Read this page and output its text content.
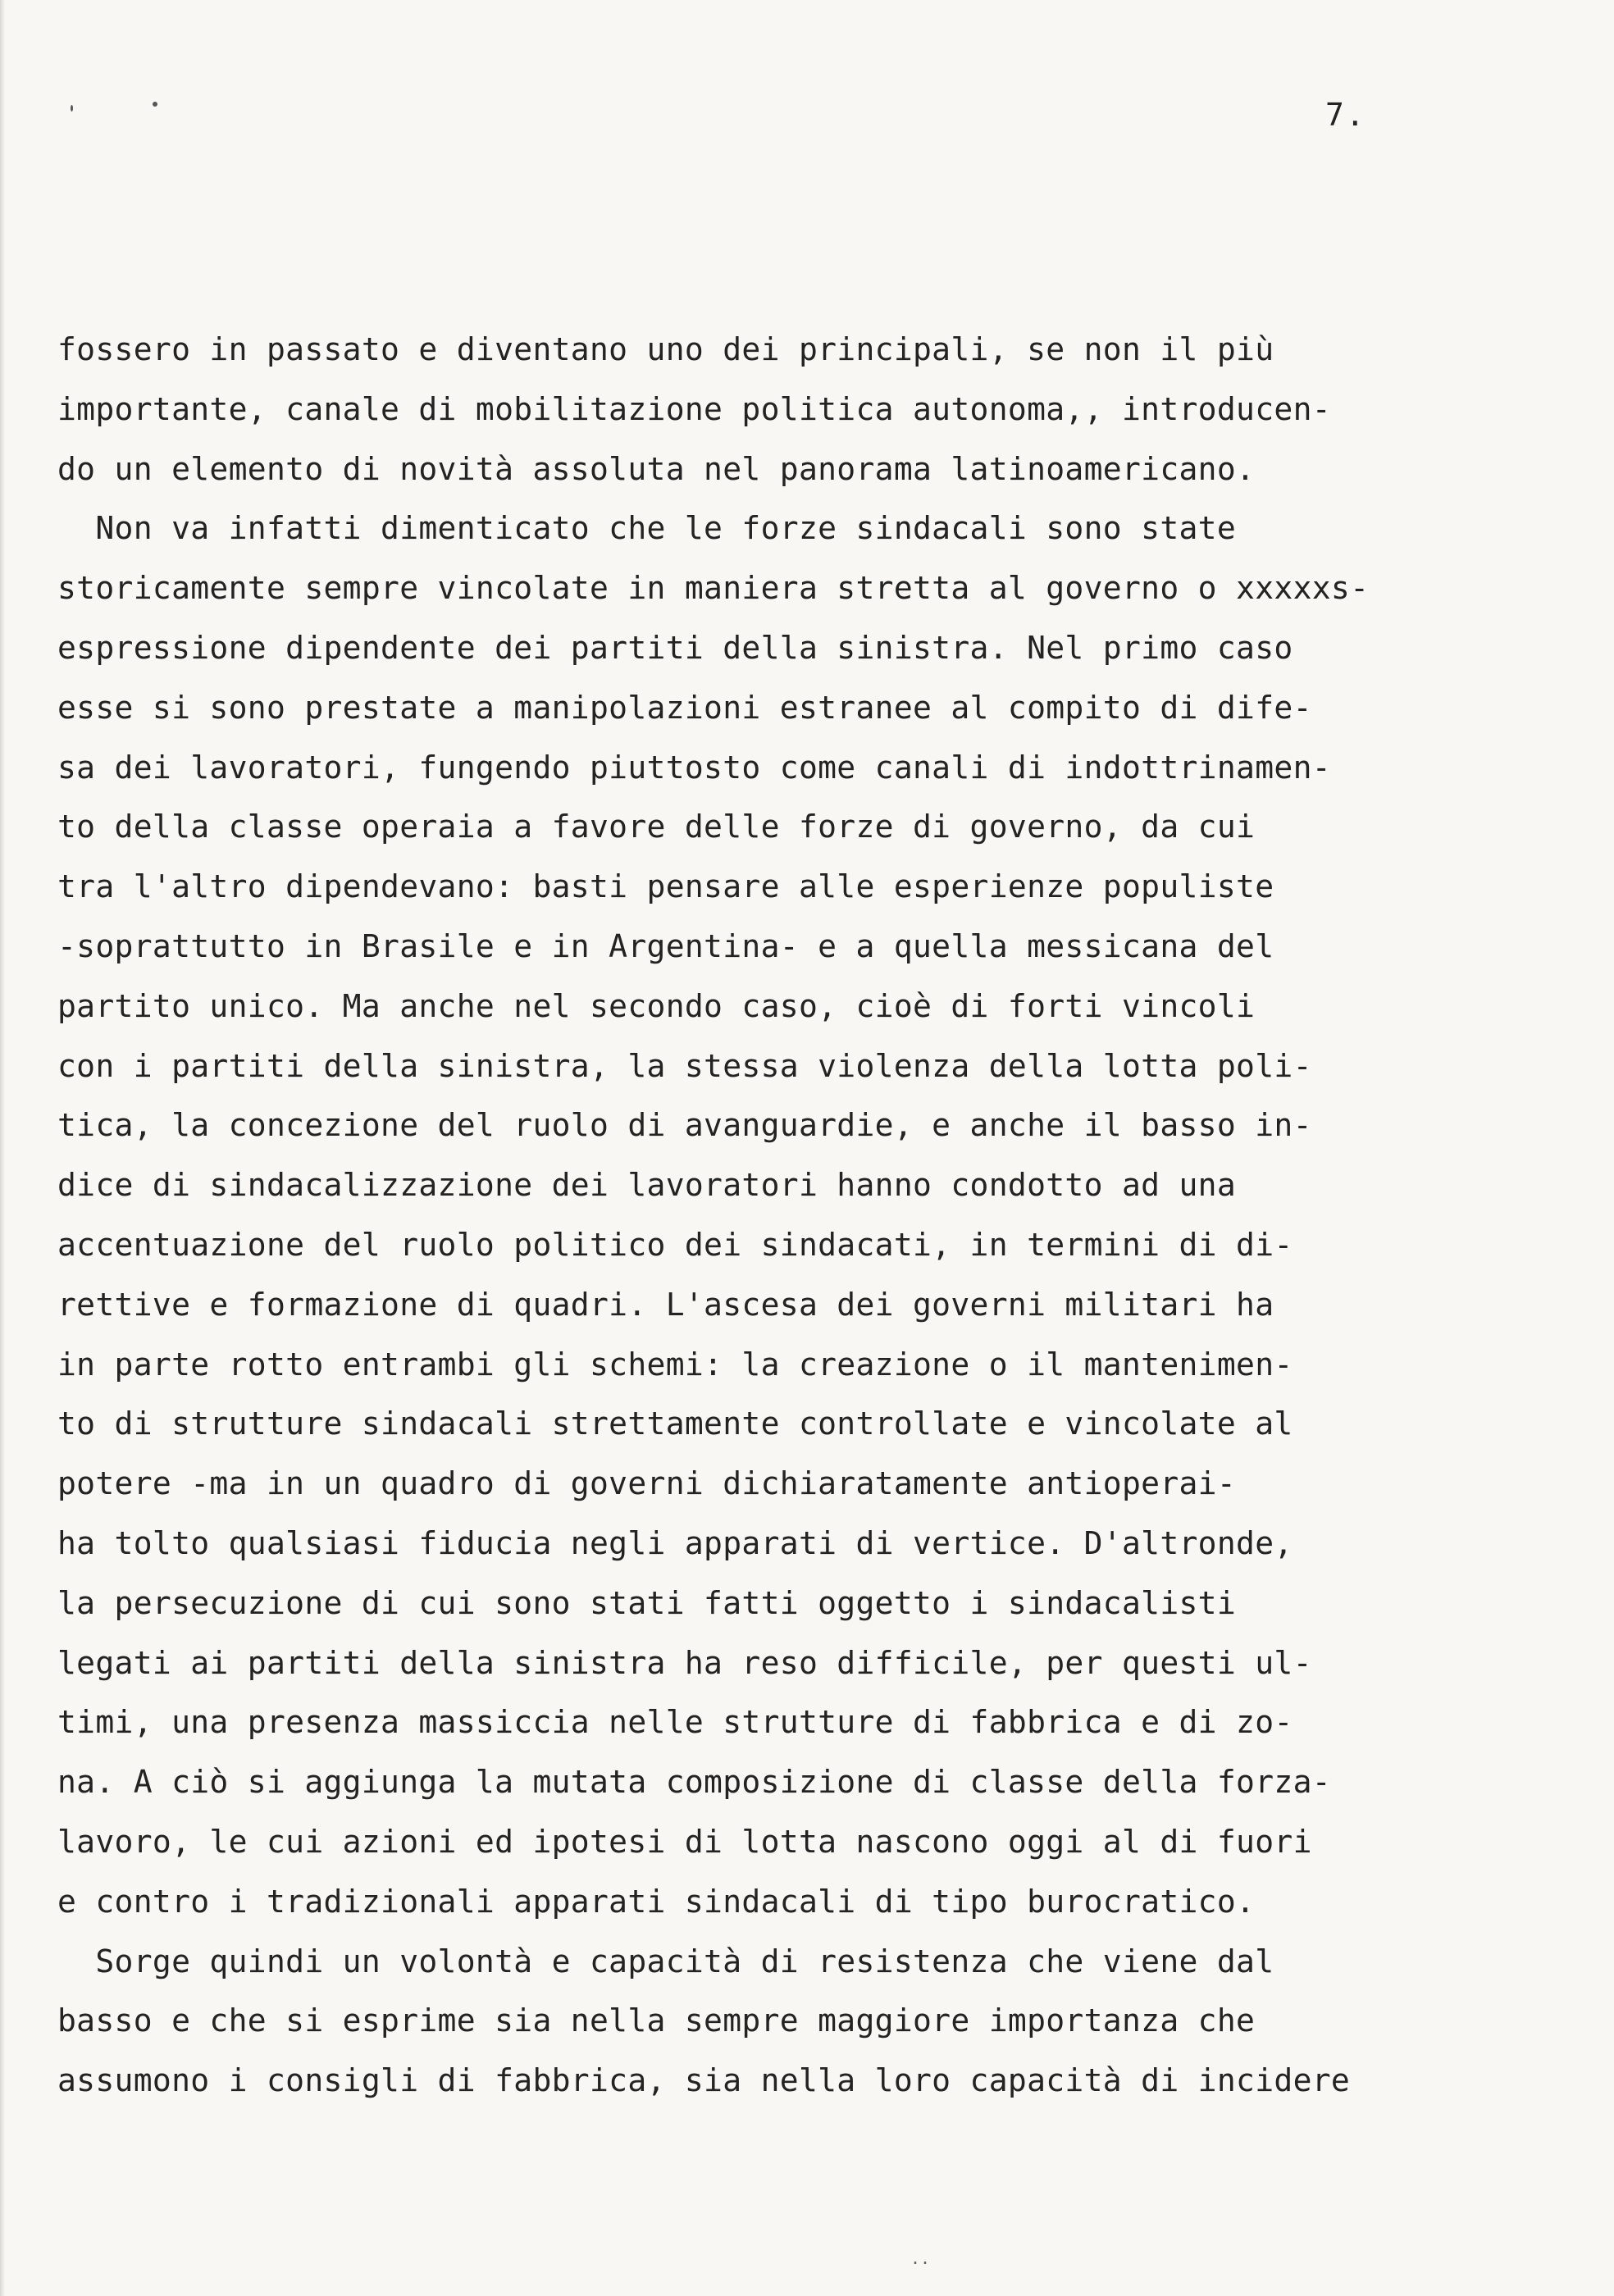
7.
fossero in passato e diventano uno dei principali, se non il più
importante, canale di mobilitazione politica autonoma,, introducen-
do un elemento di novità assoluta nel panorama latinoamericano.
Non va infatti dimenticato che le forze sindacali sono state
storicamente sempre vincolate in maniera stretta al governo o xxxxxs-
espressione dipendente dei partiti della sinistra. Nel primo caso
esse si sono prestate a manipolazioni estranee al compito di dife-
sa dei lavoratori, fungendo piuttosto come canali di indottrinamen-
to della classe operaia a favore delle forze di governo, da cui
tra l'altro dipendevano: basti pensare alle esperienze populiste
-soprattutto in Brasile e in Argentina- e a quella messicana del
partito unico. Ma anche nel secondo caso, cioè di forti vincoli
con i partiti della sinistra, la stessa violenza della lotta poli-
tica, la concezione del ruolo di avanguardie, e anche il basso in-
dice di sindacalizzazione dei lavoratori hanno condotto ad una
accentuazione del ruolo politico dei sindacati, in termini di di-
rettive e formazione di quadri. L'ascesa dei governi militari ha
in parte rotto entrambi gli schemi: la creazione o il mantenimen-
to di strutture sindacali strettamente controllate e vincolate al
potere -ma in un quadro di governi dichiaratamente antioperai-
ha tolto qualsiasi fiducia negli apparati di vertice. D'altronde,
la persecuzione di cui sono stati fatti oggetto i sindacalisti
legati ai partiti della sinistra ha reso difficile, per questi ul-
timi, una presenza massiccia nelle strutture di fabbrica e di zo-
na. A ciò si aggiunga la mutata composizione di classe della forza-
lavoro, le cui azioni ed ipotesi di lotta nascono oggi al di fuori
e contro i tradizionali apparati sindacali di tipo burocratico.
Sorge quindi un volontà e capacità di resistenza che viene dal
basso e che si esprime sia nella sempre maggiore importanza che
assumono i consigli di fabbrica, sia nella loro capacità di incidere
..
